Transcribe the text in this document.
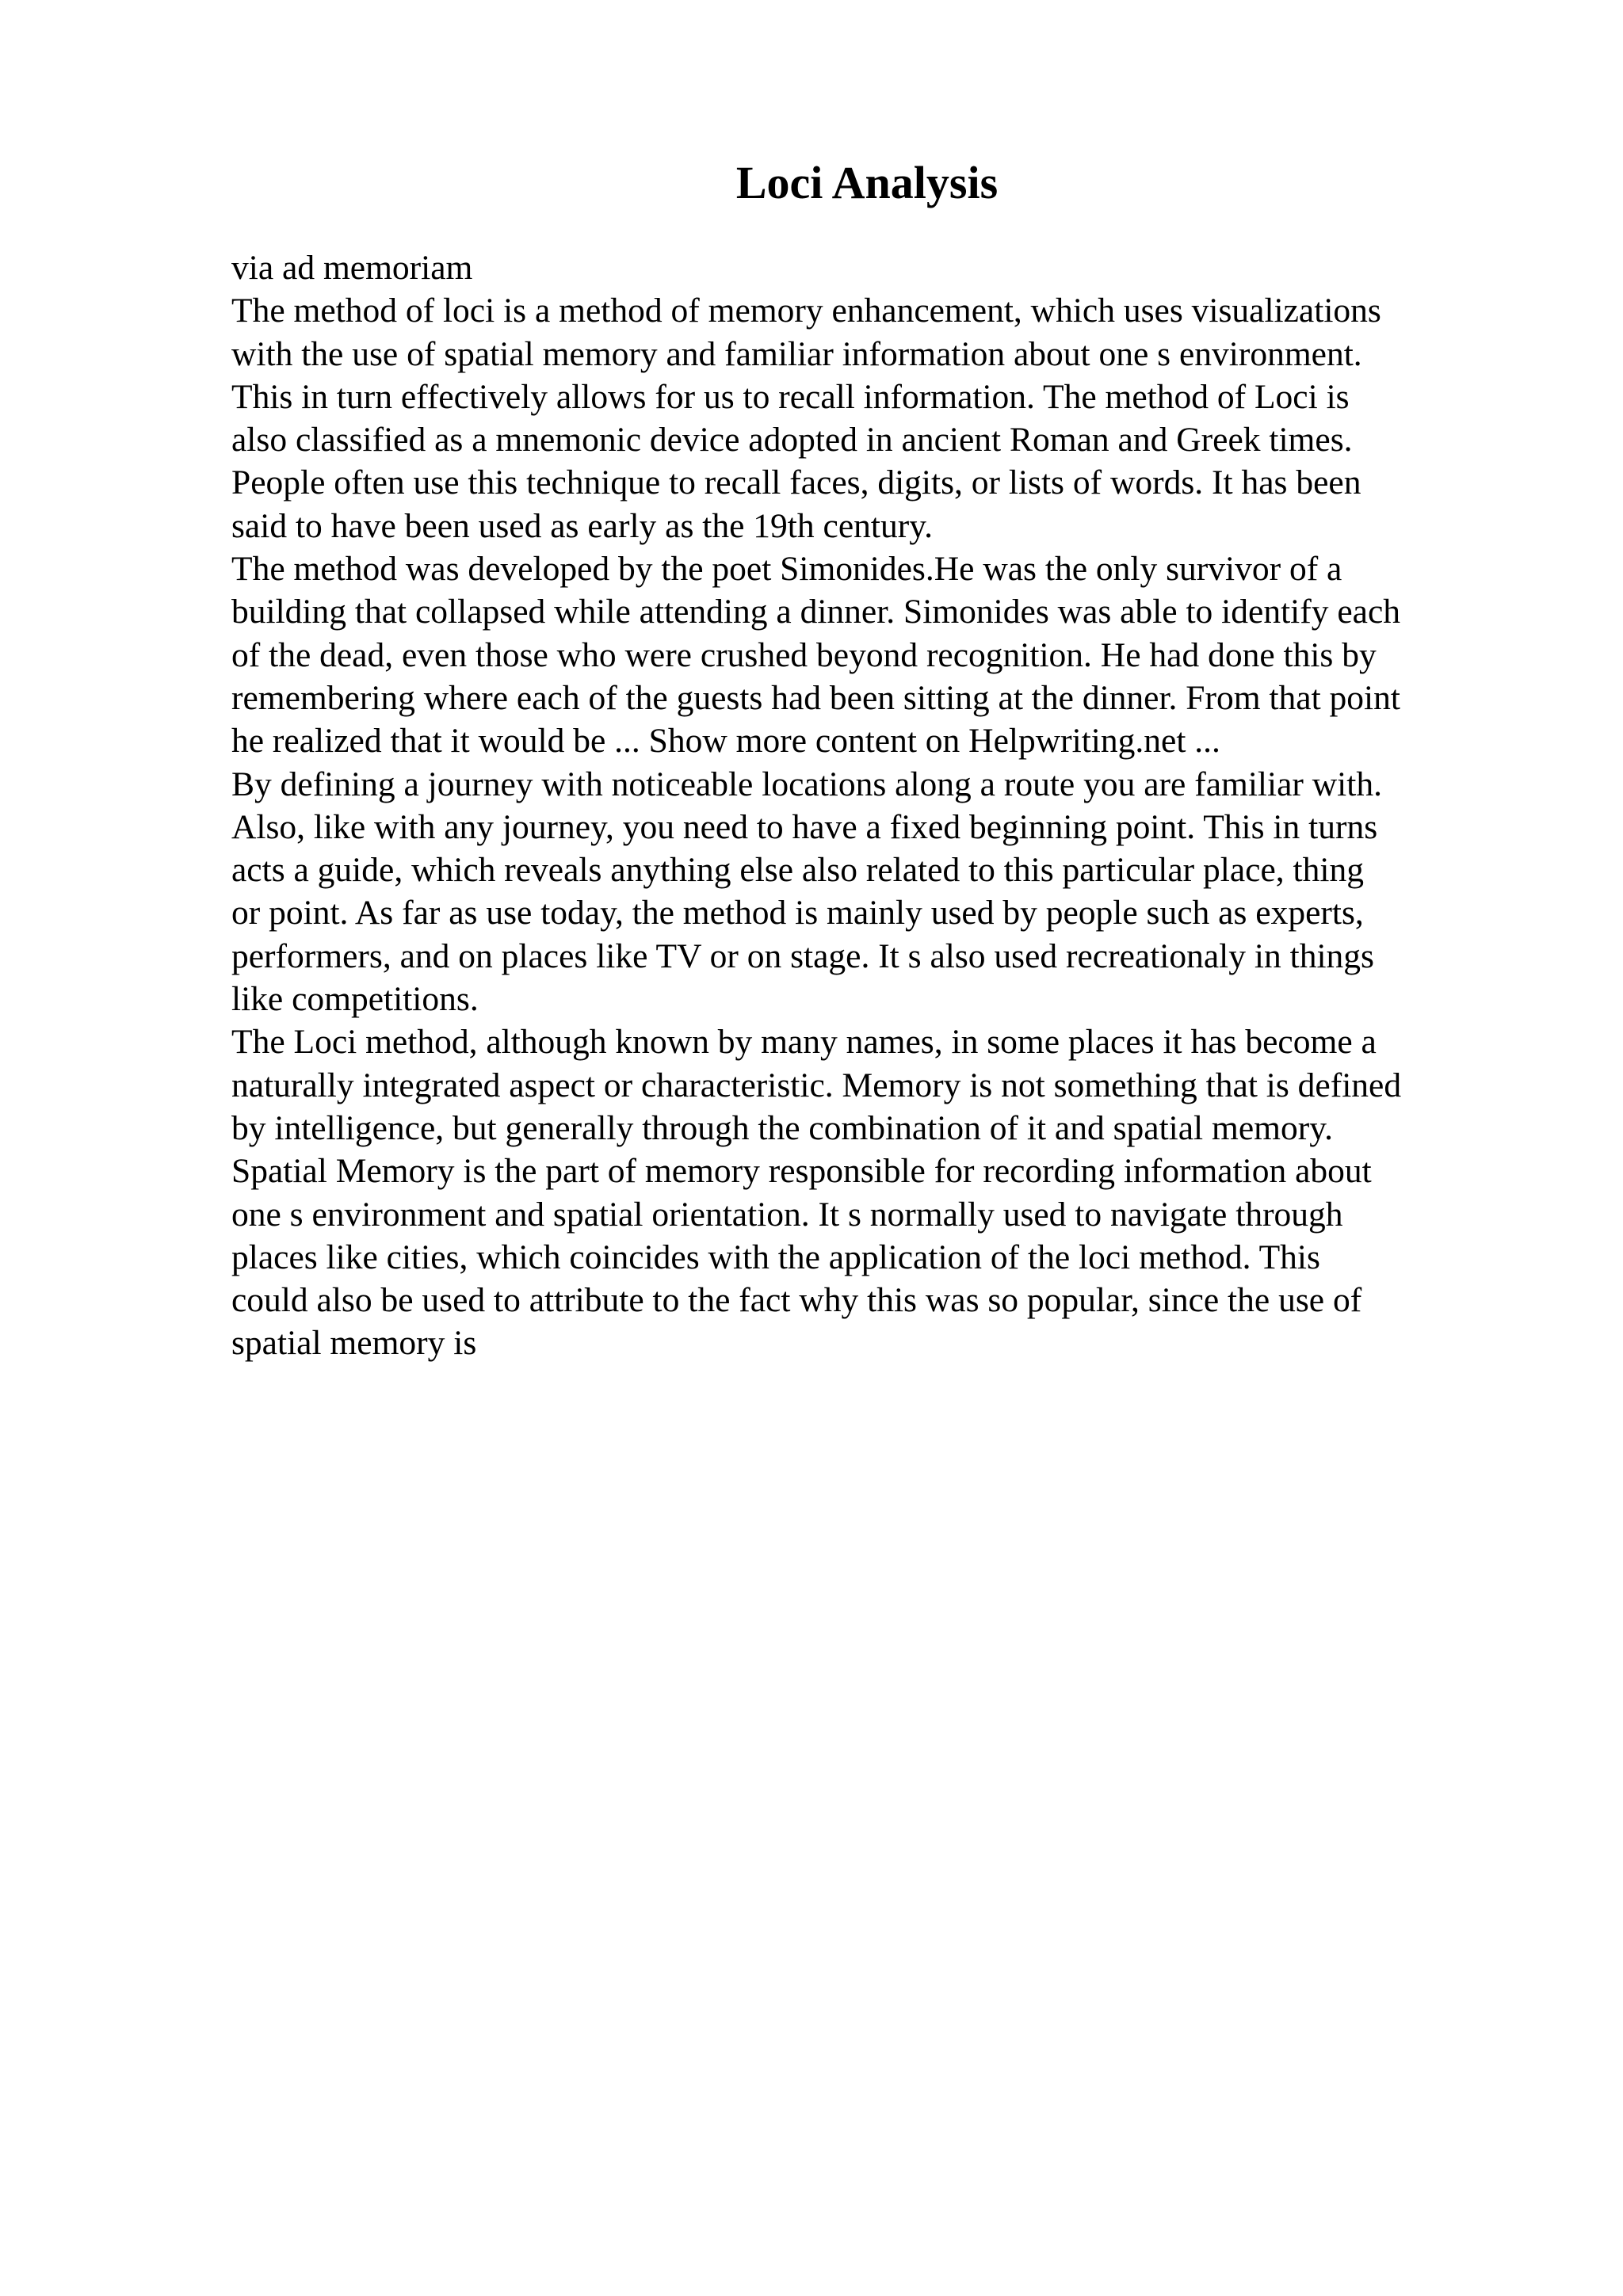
Loci Analysis
via ad memoriam
The method of loci is a method of memory enhancement, which uses visualizations
with the use of spatial memory and familiar information about one s environment.
This in turn effectively allows for us to recall information. The method of Loci is
also classified as a mnemonic device adopted in ancient Roman and Greek times.
People often use this technique to recall faces, digits, or lists of words. It has been
said to have been used as early as the 19th century.
The method was developed by the poet Simonides.He was the only survivor of a
building that collapsed while attending a dinner. Simonides was able to identify each
of the dead, even those who were crushed beyond recognition. He had done this by
remembering where each of the guests had been sitting at the dinner. From that point
he realized that it would be ... Show more content on Helpwriting.net ...
By defining a journey with noticeable locations along a route you are familiar with.
Also, like with any journey, you need to have a fixed beginning point. This in turns
acts a guide, which reveals anything else also related to this particular place, thing
or point. As far as use today, the method is mainly used by people such as experts,
performers, and on places like TV or on stage. It s also used recreationaly in things
like competitions.
The Loci method, although known by many names, in some places it has become a
naturally integrated aspect or characteristic. Memory is not something that is defined
by intelligence, but generally through the combination of it and spatial memory.
Spatial Memory is the part of memory responsible for recording information about
one s environment and spatial orientation. It s normally used to navigate through
places like cities, which coincides with the application of the loci method. This
could also be used to attribute to the fact why this was so popular, since the use of
spatial memory is
